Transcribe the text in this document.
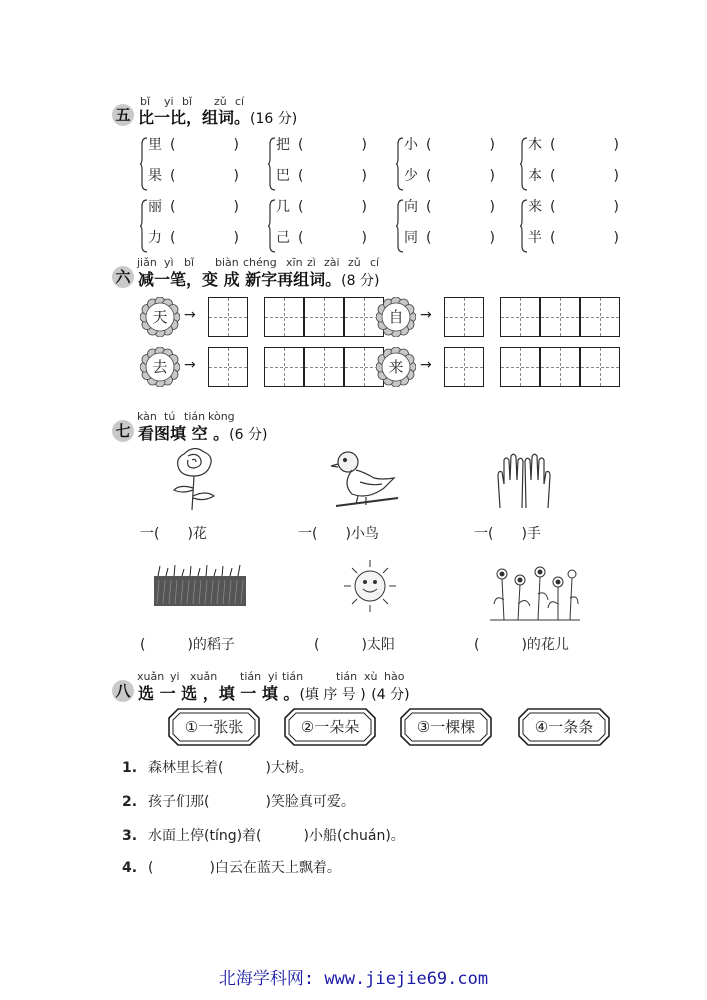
bǐ yi bǐ zǔ cí
五 比一比，组词。(16 分)
里 (	)
果 (	)
把 (	)
巴 (	)
小 (	)
少 (	)
木 (	)
本 (	)
丽 (	)
力 (	)
几 (	)
己 (	)
向 (	)
同 (	)
来 (	)
半 (	)
jiǎn yì bǐ biàn chéng xīn zì zài zǔ cí
六 减一笔，变 成 新字再组词。(8 分)
天	→	自	→
去	→	来	→
kàn tú tián kòng
七 看图填 空 。(6 分)
一(　　)花	一(　　)小鸟	一(　　)手
(　　　)的稻子	(　　　)太阳	(　　　)的花儿
xuǎn yi xuǎn tián yi tián	tián xù hào
八 选 一 选 ，填 一 填 。(填 序 号 ) (4 分)
①一张张	②一朵朵	③一棵棵	④一条条
1. 森林里长着(　　　)大树。
2. 孩子们那(　　　　)笑脸真可爱。
3. 水面上停(tíng)着(　　　)小船(chuán)。
4. (　　　　)白云在蓝天上飘着。
北海学科网: www.jiejie69.com
